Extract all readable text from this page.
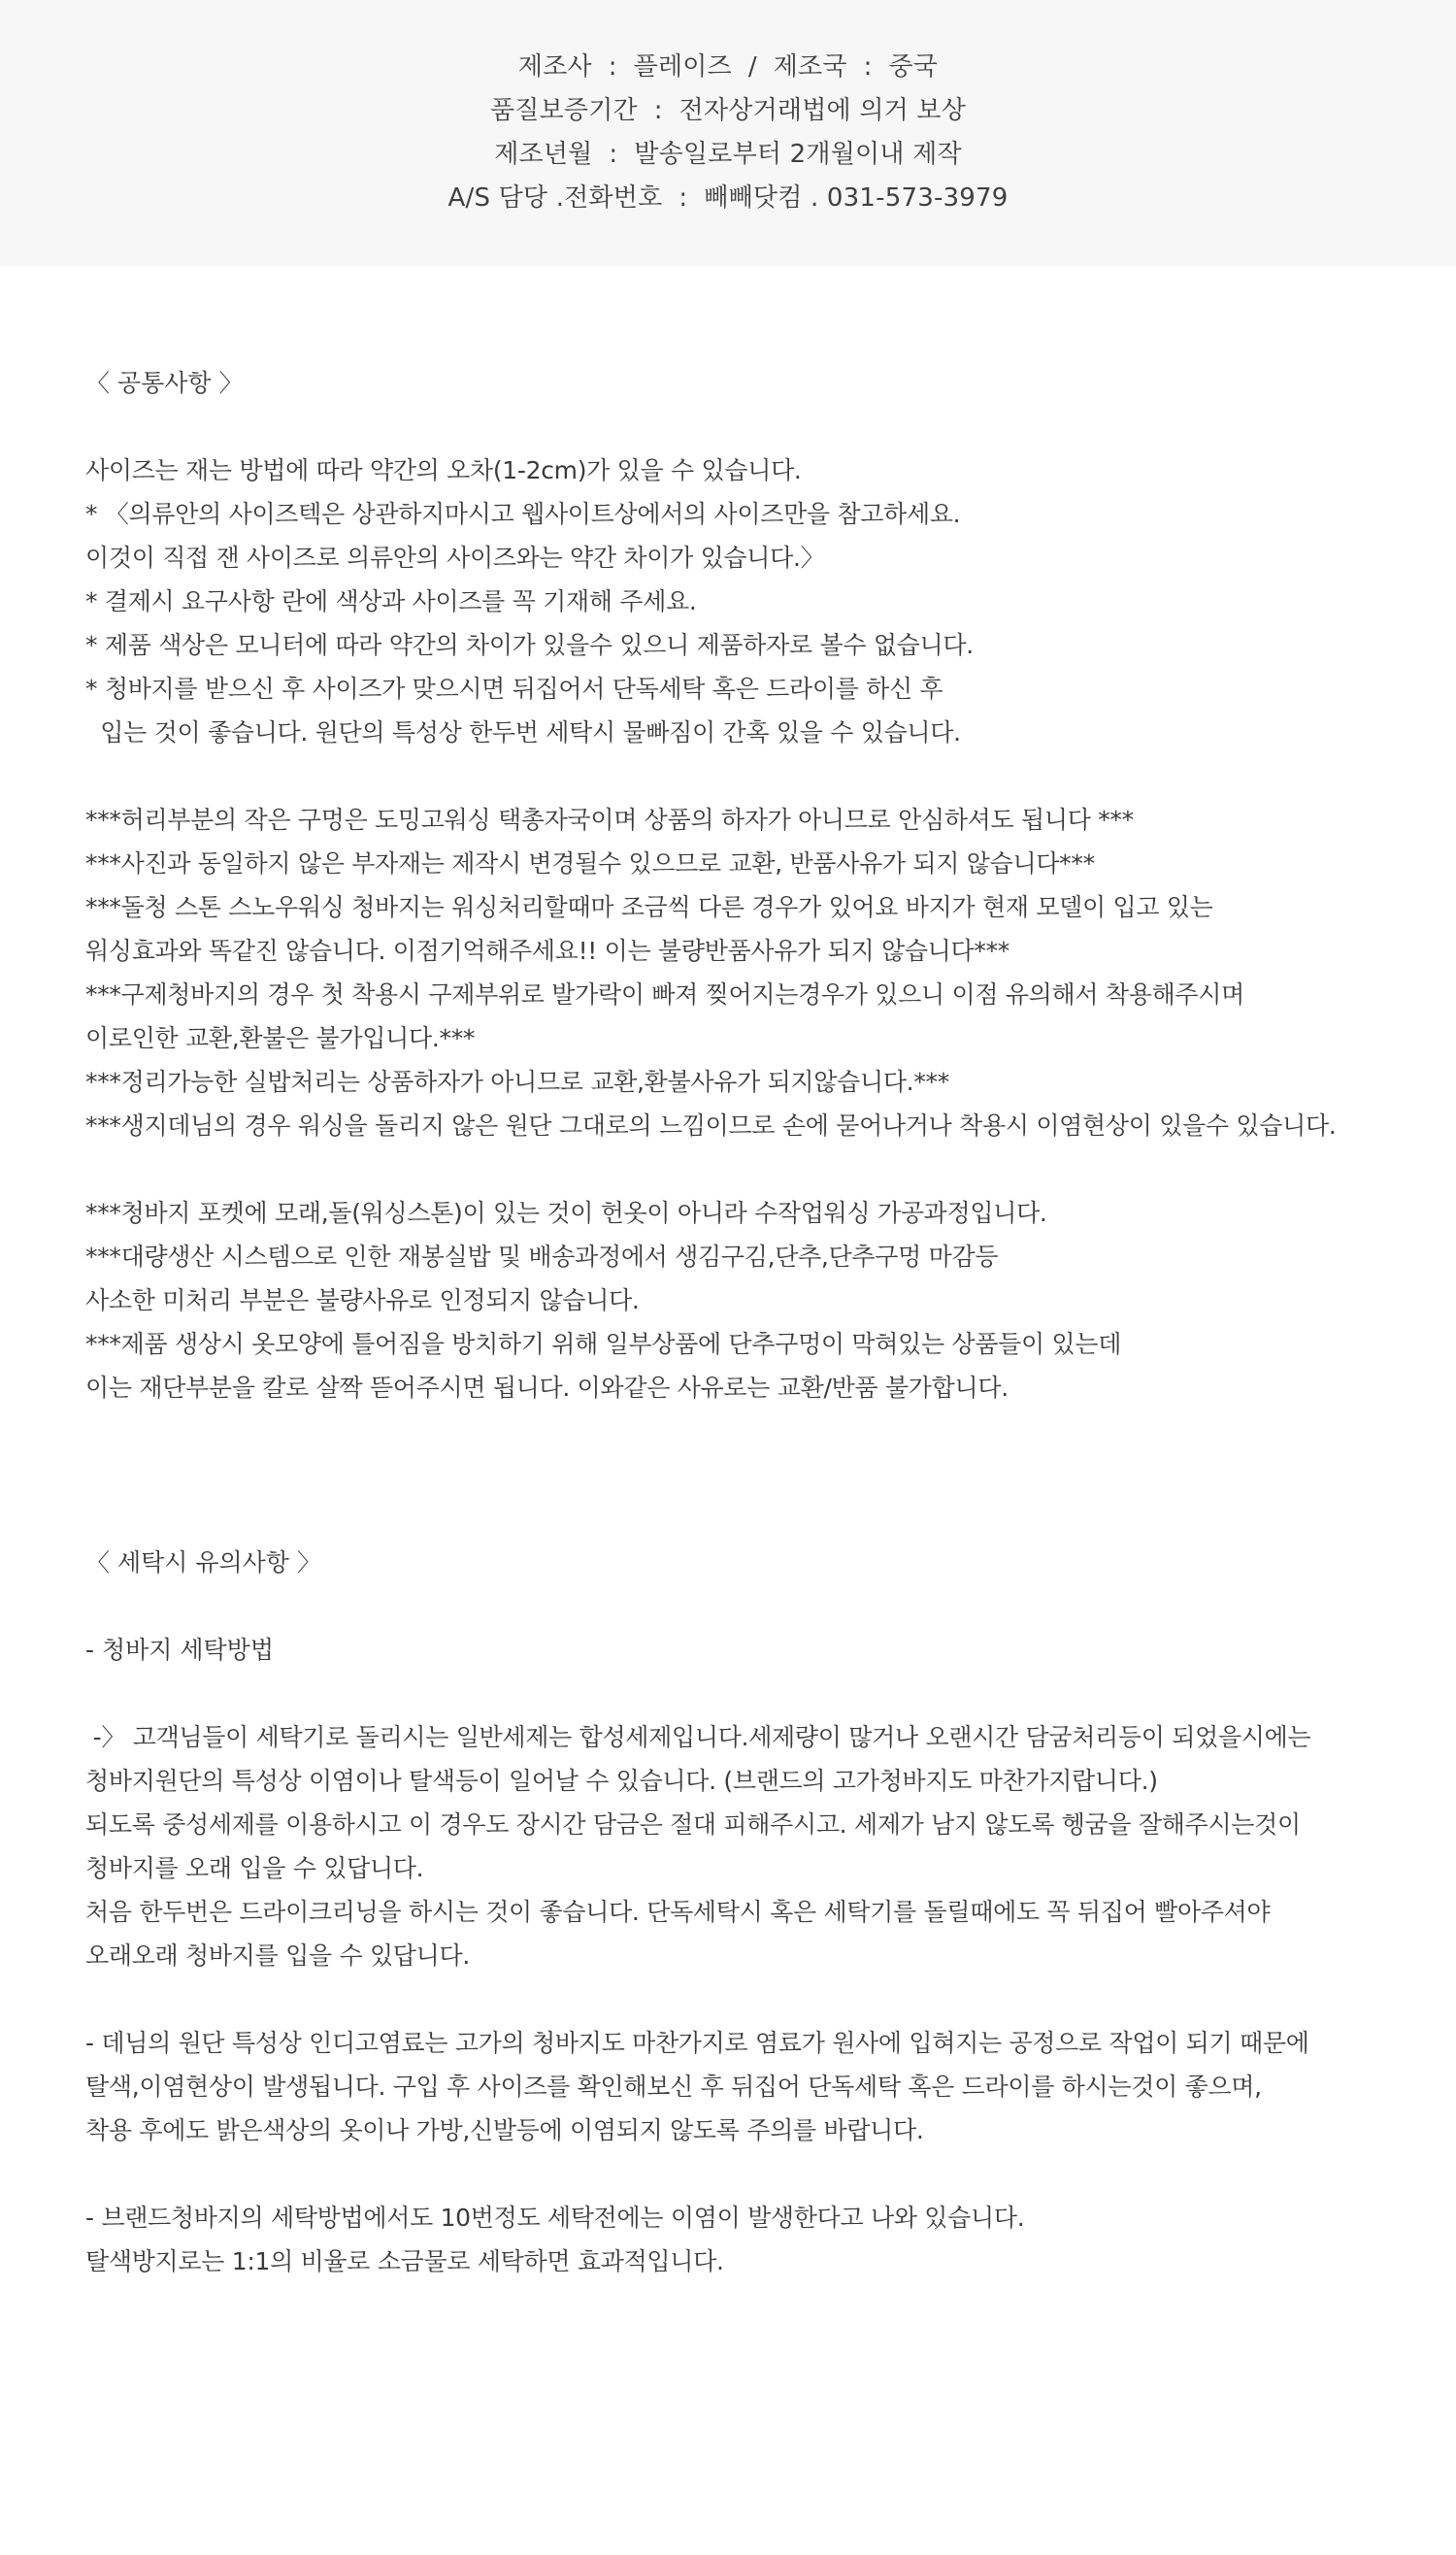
제조사  :  플레이즈  /  제조국  :  중국
품질보증기간  :  전자상거래법에 의거 보상
제조년월  :  발송일로부터 2개월이내 제작
A/S 담당 .전화번호  :  빼빼닷컴 . 031-573-3979
〈 공통사항 〉
사이즈는 재는 방법에 따라 약간의 오차(1-2cm)가 있을 수 있습니다.
* 〈의류안의 사이즈텍은 상관하지마시고 웹사이트상에서의 사이즈만을 참고하세요.
이것이 직접 잰 사이즈로 의류안의 사이즈와는 약간 차이가 있습니다.〉
* 결제시 요구사항 란에 색상과 사이즈를 꼭 기재해 주세요.
* 제품 색상은 모니터에 따라 약간의 차이가 있을수 있으니 제품하자로 볼수 없습니다.
* 청바지를 받으신 후 사이즈가 맞으시면 뒤집어서 단독세탁 혹은 드라이를 하신 후
입는 것이 좋습니다. 원단의 특성상 한두번 세탁시 물빠짐이 간혹 있을 수 있습니다.
***허리부분의 작은 구멍은 도밍고워싱 택총자국이며 상품의 하자가 아니므로 안심하셔도 됩니다 ***
***사진과 동일하지 않은 부자재는 제작시 변경될수 있으므로 교환, 반품사유가 되지 않습니다***
***돌청 스톤 스노우워싱 청바지는 워싱처리할때마 조금씩 다른 경우가 있어요 바지가 현재 모델이 입고 있는
워싱효과와 똑같진 않습니다. 이점기억해주세요!! 이는 불량반품사유가 되지 않습니다***
***구제청바지의 경우 첫 착용시 구제부위로 발가락이 빠져 찢어지는경우가 있으니 이점 유의해서 착용해주시며
이로인한 교환,환불은 불가입니다.***
***정리가능한 실밥처리는 상품하자가 아니므로 교환,환불사유가 되지않습니다.***
***생지데님의 경우 워싱을 돌리지 않은 원단 그대로의 느낌이므로 손에 묻어나거나 착용시 이염현상이 있을수 있습니다.
***청바지 포켓에 모래,돌(워싱스톤)이 있는 것이 헌옷이 아니라 수작업워싱 가공과정입니다.
***대량생산 시스템으로 인한 재봉실밥 및 배송과정에서 생김구김,단추,단추구멍 마감등
사소한 미처리 부분은 불량사유로 인정되지 않습니다.
***제품 생상시 옷모양에 틀어짐을 방치하기 위해 일부상품에 단추구멍이 막혀있는 상품들이 있는데
이는 재단부분을 칼로 살짝 뜯어주시면 됩니다. 이와같은 사유로는 교환/반품 불가합니다.
〈 세탁시 유의사항 〉
- 청바지 세탁방법
-〉 고객님들이 세탁기로 돌리시는 일반세제는 합성세제입니다.세제량이 많거나 오랜시간 담굼처리등이 되었을시에는
청바지원단의 특성상 이염이나 탈색등이 일어날 수 있습니다. (브랜드의 고가청바지도 마찬가지랍니다.)
되도록 중성세제를 이용하시고 이 경우도 장시간 담금은 절대 피해주시고. 세제가 남지 않도록 헹굼을 잘해주시는것이
청바지를 오래 입을 수 있답니다.
처음 한두번은 드라이크리닝을 하시는 것이 좋습니다. 단독세탁시 혹은 세탁기를 돌릴때에도 꼭 뒤집어 빨아주셔야
오래오래 청바지를 입을 수 있답니다.
- 데님의 원단 특성상 인디고염료는 고가의 청바지도 마찬가지로 염료가 원사에 입혀지는 공정으로 작업이 되기 때문에
탈색,이염현상이 발생됩니다. 구입 후 사이즈를 확인해보신 후 뒤집어 단독세탁 혹은 드라이를 하시는것이 좋으며,
착용 후에도 밝은색상의 옷이나 가방,신발등에 이염되지 않도록 주의를 바랍니다.
- 브랜드청바지의 세탁방법에서도 10번정도 세탁전에는 이염이 발생한다고 나와 있습니다.
탈색방지로는 1:1의 비율로 소금물로 세탁하면 효과적입니다.
